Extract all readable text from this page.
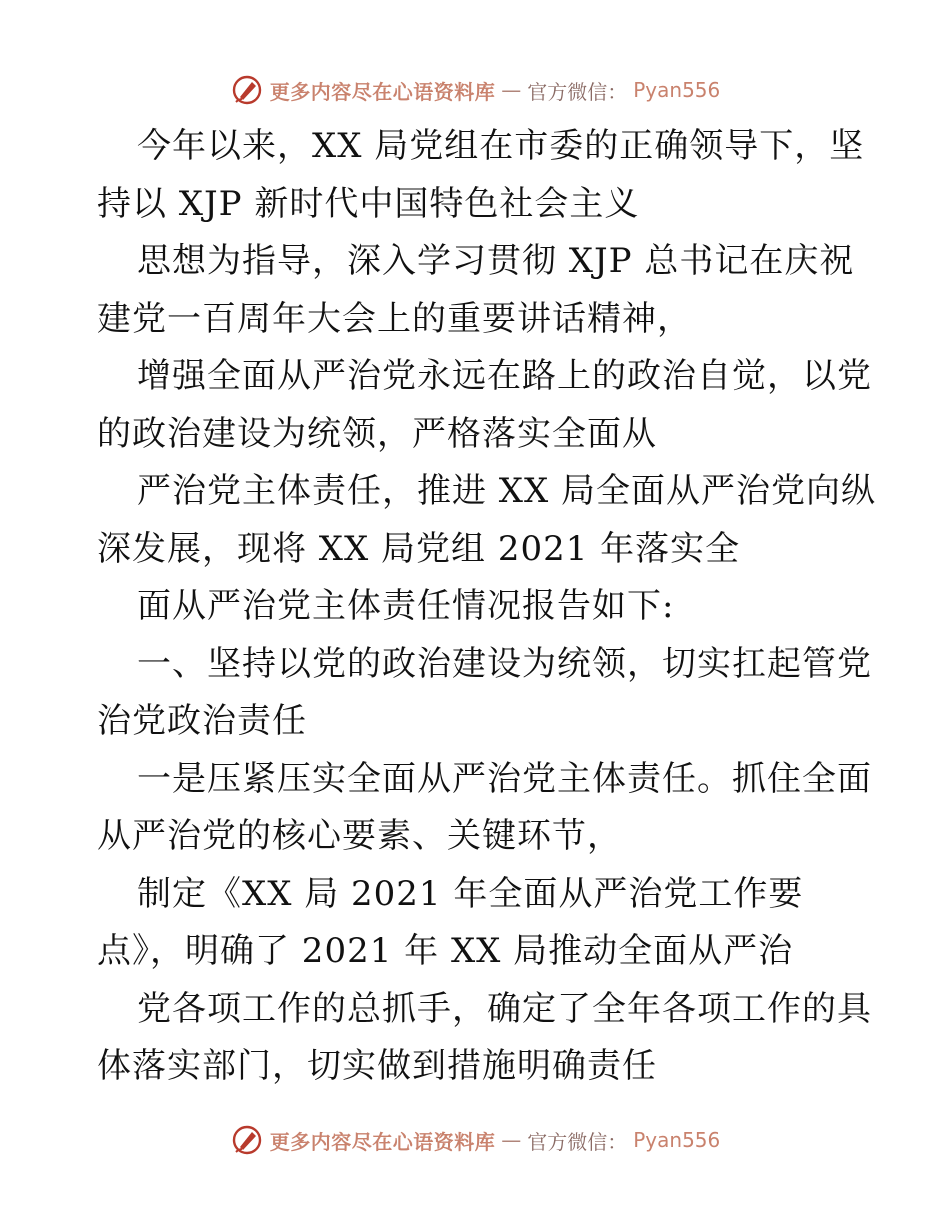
更多内容尽在心语资料库 — 官方微信： Pyan556
今年以来，XX 局党组在市委的正确领导下，坚
持以 XJP 新时代中国特色社会主义
思想为指导，深入学习贯彻 XJP 总书记在庆祝
建党一百周年大会上的重要讲话精神，
增强全面从严治党永远在路上的政治自觉，以党
的政治建设为统领，严格落实全面从
严治党主体责任，推进 XX 局全面从严治党向纵
深发展，现将 XX 局党组 2021 年落实全
面从严治党主体责任情况报告如下:
一、坚持以党的政治建设为统领，切实扛起管党
治党政治责任
一是压紧压实全面从严治党主体责任。抓住全面
从严治党的核心要素、关键环节，
制定《XX 局 2021 年全面从严治党工作要
点》，明确了 2021 年 XX 局推动全面从严治
党各项工作的总抓手，确定了全年各项工作的具
体落实部门，切实做到措施明确责任
更多内容尽在心语资料库 — 官方微信： Pyan556
